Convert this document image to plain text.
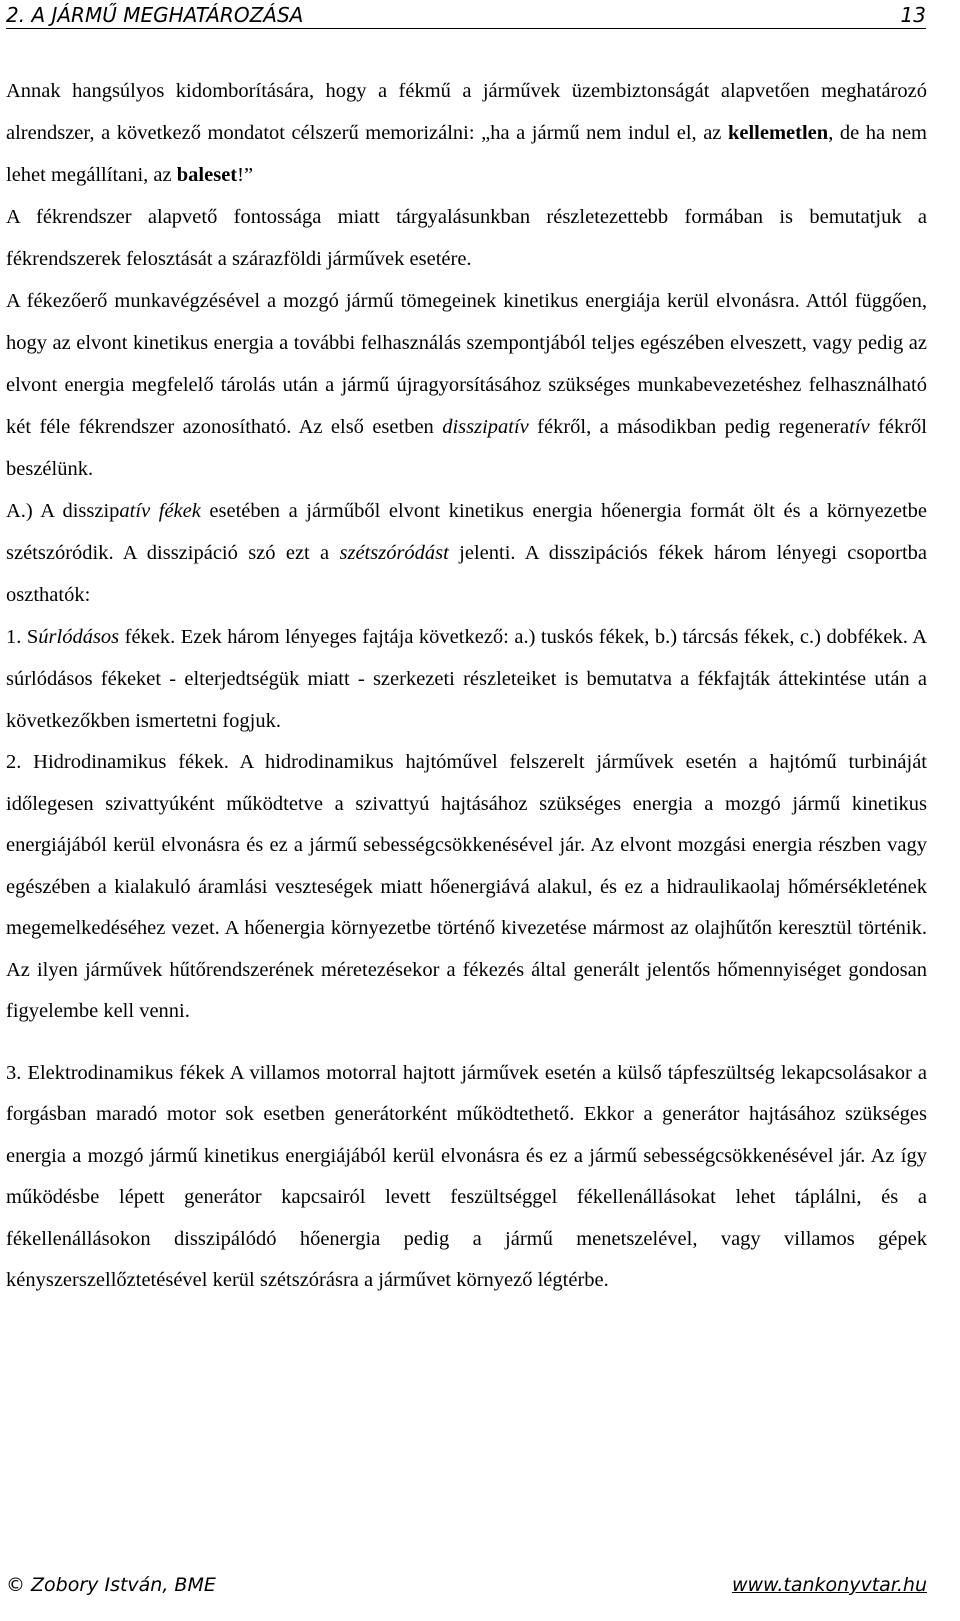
2. A JÁRMŰ MEGHATÁROZÁSA	13

Annak hangsúlyos kidomborítására, hogy a fékmű a járművek üzembiztonságát alapvetően meghatározó alrendszer, a következő mondatot célszerű memorizálni: „ha a jármű nem indul el, az kellemetlen, de ha nem lehet megállítani, az baleset!”

A fékrendszer alapvető fontossága miatt tárgyalásunkban részletezettebb formában is bemutatjuk a fékrendszerek felosztását a szárazföldi járművek esetére.

A fékezőerő munkavégzésével a mozgó jármű tömegeinek kinetikus energiája kerül elvonásra. Attól függően, hogy az elvont kinetikus energia a további felhasználás szempontjából teljes egészében elveszett, vagy pedig az elvont energia megfelelő tárolás után a jármű újragyorsításához szükséges munkabevezetéshez felhasználható két féle fékrendszer azonosítható. Az első esetben disszipatív fékről, a másodikban pedig regeneratív fékről beszélünk.

A.) A disszipatív fékek esetében a járműből elvont kinetikus energia hőenergia formát ölt és a környezetbe szétszóródik. A disszipáció szó ezt a szétszóródást jelenti. A disszipációs fékek három lényegi csoportba oszthatók:

1. Súrlódásos fékek. Ezek három lényeges fajtája következő: a.) tuskós fékek, b.) tárcsás fékek, c.) dobfékek. A súrlódásos fékeket - elterjedtségük miatt - szerkezeti részleteiket is bemutatva a fékfajták áttekintése után a következőkben ismertetni fogjuk.

2. Hidrodinamikus fékek. A hidrodinamikus hajtóművel felszerelt járművek esetén a hajtómű turbináját időlegesen szivattyúként működtetve a szivattyú hajtásához szükséges energia a mozgó jármű kinetikus energiájából kerül elvonásra és ez a jármű sebességcsökkenésével jár. Az elvont mozgási energia részben vagy egészében a kialakuló áramlási veszteségek miatt hőenergiává alakul, és ez a hidraulikaolaj hőmérsékletének megemelkedéséhez vezet. A hőenergia környezetbe történő kivezetése mármost az olajhűtőn keresztül történik. Az ilyen járművek hűtőrendszerének méretezésekor a fékezés által generált jelentős hőmennyiséget gondosan figyelembe kell venni.

3. Elektrodinamikus fékek A villamos motorral hajtott járművek esetén a külső tápfeszültség lekapcsolásakor a forgásban maradó motor sok esetben generátorként működtethető. Ekkor a generátor hajtásához szükséges energia a mozgó jármű kinetikus energiájából kerül elvonásra és ez a jármű sebességcsökkenésével jár. Az így működésbe lépett generátor kapcsairól levett feszültséggel fékellenállásokat lehet táplálni, és a fékellenállásokon disszipálódó hőenergia pedig a jármű menetszelével, vagy villamos gépek kényszerszellőztetésével kerül szétszórásra a járművet környező légtérbe.

© Zobory István, BME	www.tankonyvtar.hu
